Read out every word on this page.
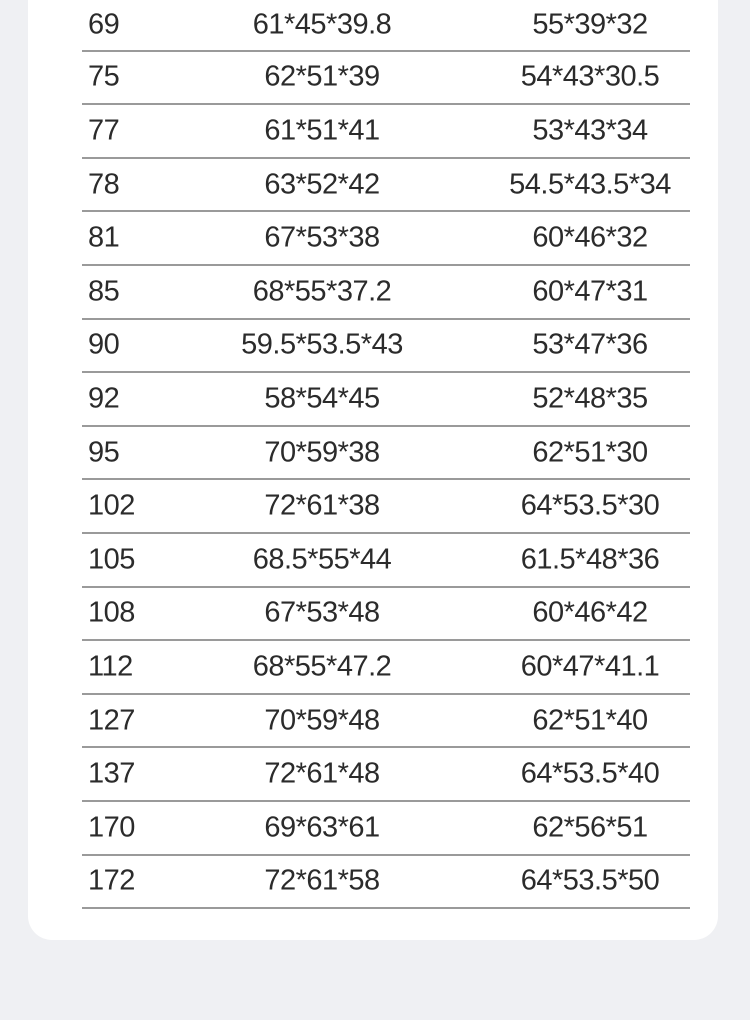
69	61*45*39.8	55*39*32
75	62*51*39	54*43*30.5
77	61*51*41	53*43*34
78	63*52*42	54.5*43.5*34
81	67*53*38	60*46*32
85	68*55*37.2	60*47*31
90	59.5*53.5*43	53*47*36
92	58*54*45	52*48*35
95	70*59*38	62*51*30
102	72*61*38	64*53.5*30
105	68.5*55*44	61.5*48*36
108	67*53*48	60*46*42
112	68*55*47.2	60*47*41.1
127	70*59*48	62*51*40
137	72*61*48	64*53.5*40
170	69*63*61	62*56*51
172	72*61*58	64*53.5*50
